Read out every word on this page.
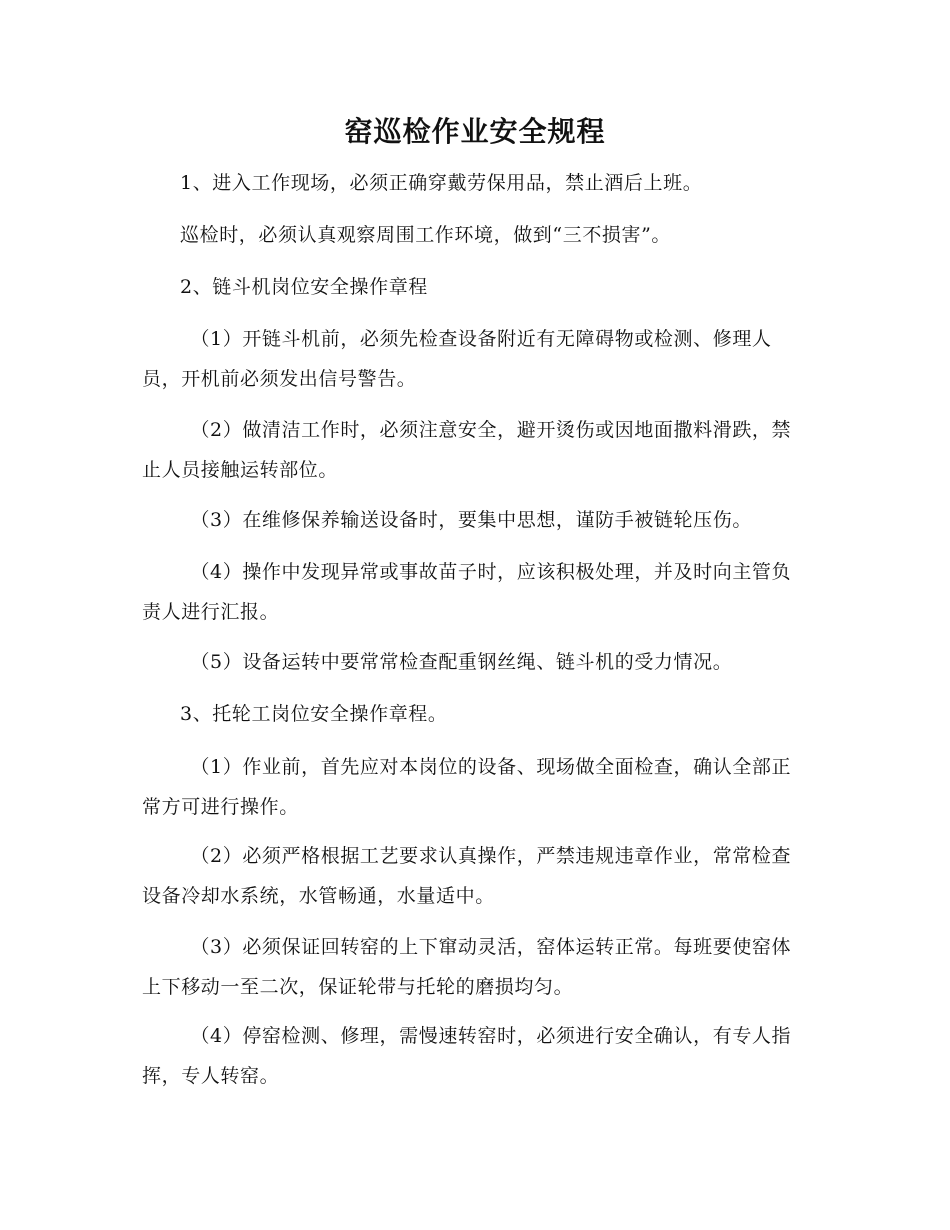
窑巡检作业安全规程

1、进入工作现场，必须正确穿戴劳保用品，禁止酒后上班。

巡检时，必须认真观察周围工作环境，做到“三不损害”。

2、链斗机岗位安全操作章程

（1）开链斗机前，必须先检查设备附近有无障碍物或检测、修理人员，开机前必须发出信号警告。

（2）做清洁工作时，必须注意安全，避开烫伤或因地面撒料滑跌，禁止人员接触运转部位。

（3）在维修保养输送设备时，要集中思想，谨防手被链轮压伤。

（4）操作中发现异常或事故苗子时，应该积极处理，并及时向主管负责人进行汇报。

（5）设备运转中要常常检查配重钢丝绳、链斗机的受力情况。

3、托轮工岗位安全操作章程。

（1）作业前，首先应对本岗位的设备、现场做全面检查，确认全部正常方可进行操作。

（2）必须严格根据工艺要求认真操作，严禁违规违章作业，常常检查设备冷却水系统，水管畅通，水量适中。

（3）必须保证回转窑的上下窜动灵活，窑体运转正常。每班要使窑体上下移动一至二次，保证轮带与托轮的磨损均匀。

（4）停窑检测、修理，需慢速转窑时，必须进行安全确认，有专人指挥，专人转窑。
